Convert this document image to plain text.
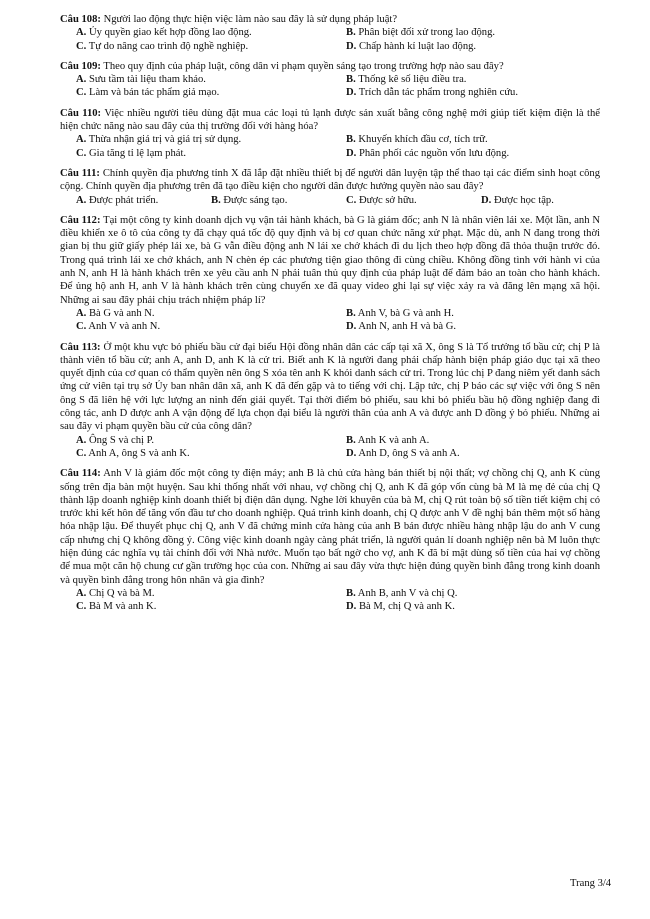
Câu 108: Người lao động thực hiện việc làm nào sau đây là sử dụng pháp luật?
A. Ủy quyền giao kết hợp đồng lao động.	B. Phân biệt đối xử trong lao động.
C. Tự do nâng cao trình độ nghề nghiệp.	D. Chấp hành kỉ luật lao động.
Câu 109: Theo quy định của pháp luật, công dân vi phạm quyền sáng tạo trong trường hợp nào sau đây?
A. Sưu tầm tài liệu tham khảo.	B. Thống kê số liệu điều tra.
C. Làm và bán tác phẩm giả mạo.	D. Trích dẫn tác phẩm trong nghiên cứu.
Câu 110: Việc nhiều người tiêu dùng đặt mua các loại tủ lạnh được sản xuất bằng công nghệ mới giúp tiết kiệm điện là thể hiện chức năng nào sau đây của thị trường đối với hàng hóa?
A. Thừa nhận giá trị và giá trị sử dụng.	B. Khuyến khích đầu cơ, tích trữ.
C. Gia tăng tỉ lệ lạm phát.	D. Phân phối các nguồn vốn lưu động.
Câu 111: Chính quyền địa phương tỉnh X đã lắp đặt nhiều thiết bị để người dân luyện tập thể thao tại các điểm sinh hoạt công cộng. Chính quyền địa phương trên đã tạo điều kiện cho người dân được hưởng quyền nào sau đây?
A. Được phát triển.	B. Được sáng tạo.	C. Được sở hữu.	D. Được học tập.
Câu 112: Tại một công ty kinh doanh dịch vụ vận tải hành khách, bà G là giám đốc; anh N là nhân viên lái xe. Một lần, anh N điều khiển xe ô tô của công ty đã chạy quá tốc độ quy định và bị cơ quan chức năng xử phạt. Mặc dù, anh N đang trong thời gian bị thu giữ giấy phép lái xe, bà G vẫn điều động anh N lái xe chở khách đi du lịch theo hợp đồng đã thỏa thuận trước đó. Trong quá trình lái xe chở khách, anh N chèn ép các phương tiện giao thông đi cùng chiều. Không đồng tình với hành vi của anh N, anh H là hành khách trên xe yêu cầu anh N phải tuân thủ quy định của pháp luật để đảm bảo an toàn cho hành khách. Để ủng hộ anh H, anh V là hành khách trên cùng chuyến xe đã quay video ghi lại sự việc xảy ra và đăng lên mạng xã hội. Những ai sau đây phải chịu trách nhiệm pháp lí?
A. Bà G và anh N.	B. Anh V, bà G và anh H.
C. Anh V và anh N.	D. Anh N, anh H và bà G.
Câu 113: Ở một khu vực bỏ phiếu bầu cử đại biểu Hội đồng nhân dân các cấp tại xã X, ông S là Tổ trưởng tổ bầu cử; chị P là thành viên tổ bầu cử; anh A, anh D, anh K là cử tri. Biết anh K là người đang phải chấp hành biện pháp giáo dục tại xã theo quyết định của cơ quan có thẩm quyền nên ông S xóa tên anh K khỏi danh sách cử tri. Trong lúc chị P đang niêm yết danh sách ứng cử viên tại trụ sở Ủy ban nhân dân xã, anh K đã đến gặp và to tiếng với chị. Lập tức, chị P báo các sự việc với ông S nên ông S đã liên hệ với lực lượng an ninh đến giải quyết. Tại thời điểm bỏ phiếu, sau khi bỏ phiếu bầu hộ đồng nghiệp đang đi công tác, anh D được anh A vận động để lựa chọn đại biểu là người thân của anh A và được anh D đồng ý bỏ phiếu. Những ai sau đây vi phạm quyền bầu cử của công dân?
A. Ông S và chị P.	B. Anh K và anh A.
C. Anh A, ông S và anh K.	D. Anh D, ông S và anh A.
Câu 114: Anh V là giám đốc một công ty điện máy; anh B là chủ cửa hàng bán thiết bị nội thất; vợ chồng chị Q, anh K cùng sống trên địa bàn một huyện. Sau khi thống nhất với nhau, vợ chồng chị Q, anh K đã góp vốn cùng bà M là mẹ đẻ của chị Q thành lập doanh nghiệp kinh doanh thiết bị điện dân dụng. Nghe lời khuyên của bà M, chị Q rút toàn bộ số tiền tiết kiệm chị có trước khi kết hôn để tăng vốn đầu tư cho doanh nghiệp. Quá trình kinh doanh, chị Q được anh V đề nghị bán thêm một số hàng hóa nhập lậu. Để thuyết phục chị Q, anh V đã chứng minh cửa hàng của anh B bán được nhiều hàng nhập lậu do anh V cung cấp nhưng chị Q không đồng ý. Công việc kinh doanh ngày càng phát triển, là người quản lí doanh nghiệp nên bà M luôn thực hiện đúng các nghĩa vụ tài chính đối với Nhà nước. Muốn tạo bất ngờ cho vợ, anh K đã bí mật dùng số tiền của hai vợ chồng để mua một căn hộ chung cư gần trường học của con. Những ai sau đây vừa thực hiện đúng quyền bình đẳng trong kinh doanh và quyền bình đẳng trong hôn nhân và gia đình?
A. Chị Q và bà M.	B. Anh B, anh V và chị Q.
C. Bà M và anh K.	D. Bà M, chị Q và anh K.
Trang 3/4
